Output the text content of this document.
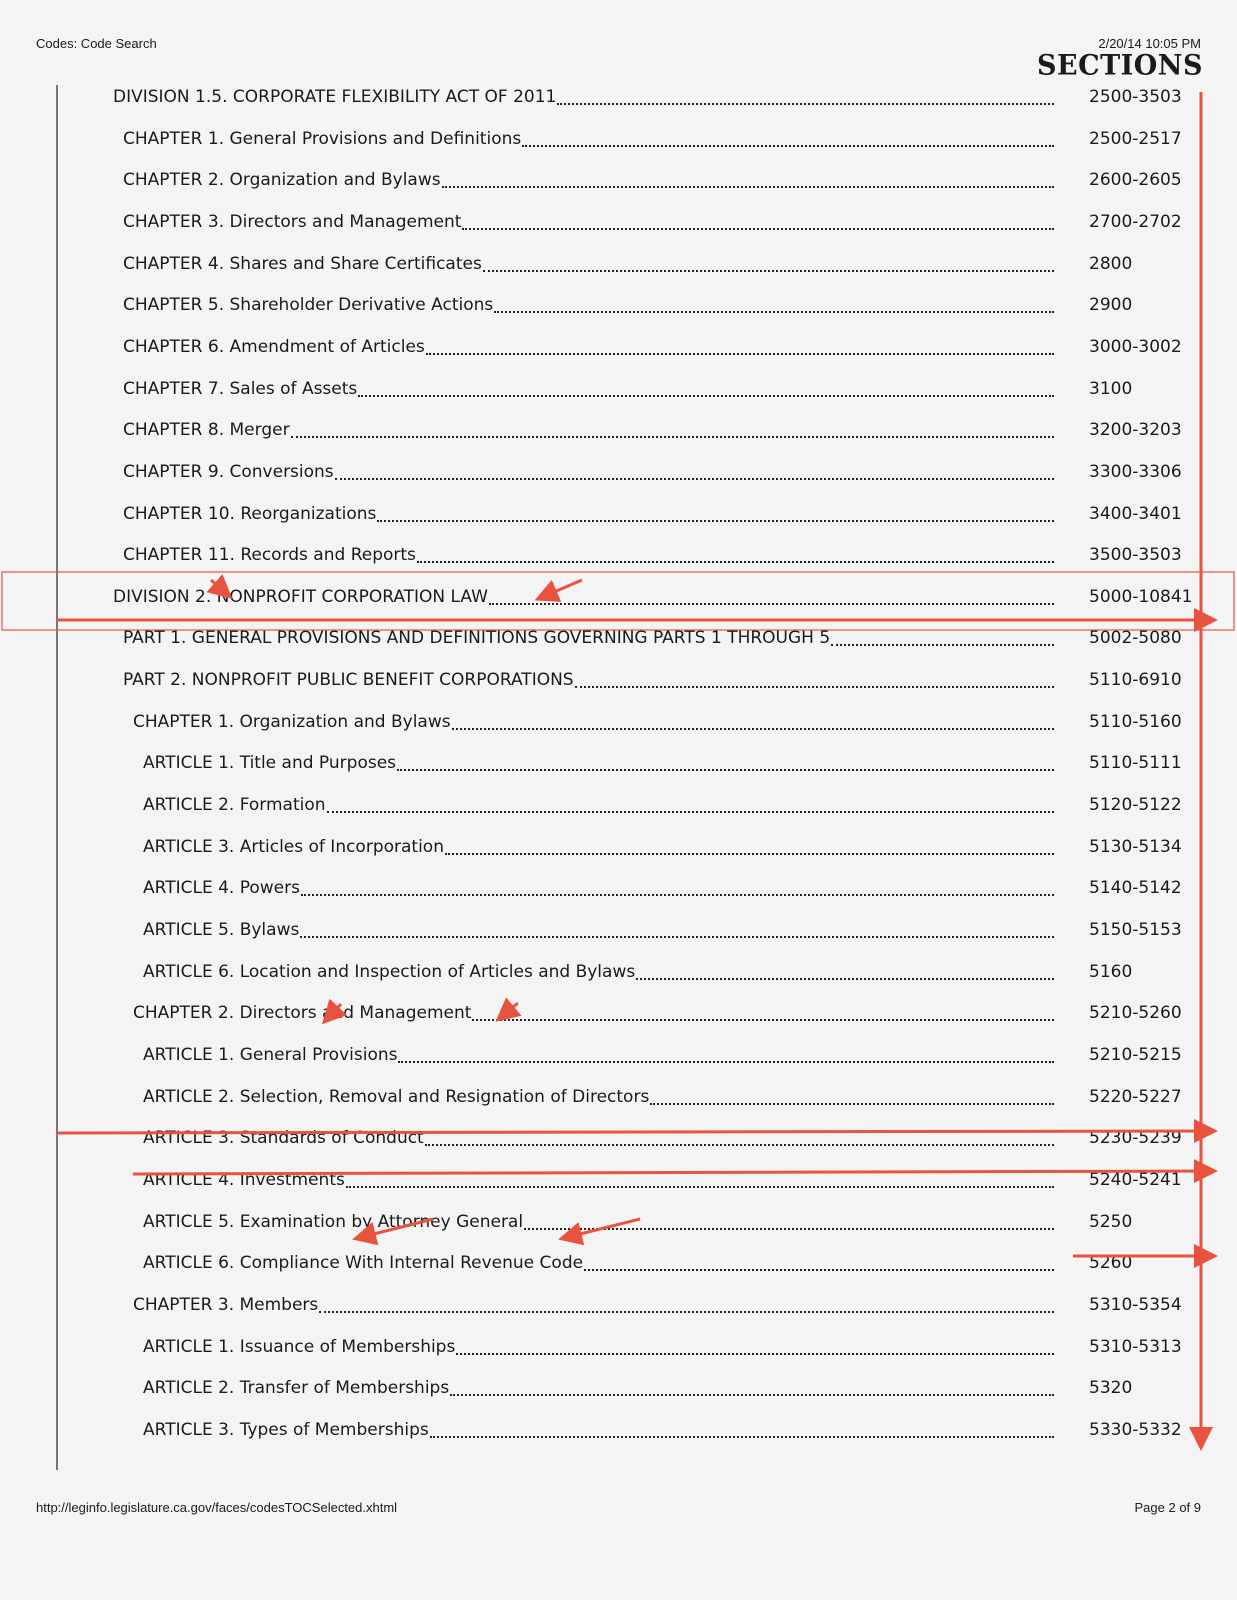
Codes: Code Search	2/20/14 10:05 PM
SECTIONS
DIVISION 1.5. CORPORATE FLEXIBILITY ACT OF 2011	2500-3503
CHAPTER 1. General Provisions and Definitions	2500-2517
CHAPTER 2. Organization and Bylaws	2600-2605
CHAPTER 3. Directors and Management	2700-2702
CHAPTER 4. Shares and Share Certificates	2800
CHAPTER 5. Shareholder Derivative Actions	2900
CHAPTER 6. Amendment of Articles	3000-3002
CHAPTER 7. Sales of Assets	3100
CHAPTER 8. Merger	3200-3203
CHAPTER 9. Conversions	3300-3306
CHAPTER 10. Reorganizations	3400-3401
CHAPTER 11. Records and Reports	3500-3503
DIVISION 2. NONPROFIT CORPORATION LAW	5000-10841
PART 1. GENERAL PROVISIONS AND DEFINITIONS GOVERNING PARTS 1 THROUGH 5	5002-5080
PART 2. NONPROFIT PUBLIC BENEFIT CORPORATIONS	5110-6910
CHAPTER 1. Organization and Bylaws	5110-5160
ARTICLE 1. Title and Purposes	5110-5111
ARTICLE 2. Formation	5120-5122
ARTICLE 3. Articles of Incorporation	5130-5134
ARTICLE 4. Powers	5140-5142
ARTICLE 5. Bylaws	5150-5153
ARTICLE 6. Location and Inspection of Articles and Bylaws	5160
CHAPTER 2. Directors and Management	5210-5260
ARTICLE 1. General Provisions	5210-5215
ARTICLE 2. Selection, Removal and Resignation of Directors	5220-5227
ARTICLE 3. Standards of Conduct	5230-5239
ARTICLE 4. Investments	5240-5241
ARTICLE 5. Examination by Attorney General	5250
ARTICLE 6. Compliance With Internal Revenue Code	5260
CHAPTER 3. Members	5310-5354
ARTICLE 1. Issuance of Memberships	5310-5313
ARTICLE 2. Transfer of Memberships	5320
ARTICLE 3. Types of Memberships	5330-5332
http://leginfo.legislature.ca.gov/faces/codesTOCSelected.xhtml	Page 2 of 9
